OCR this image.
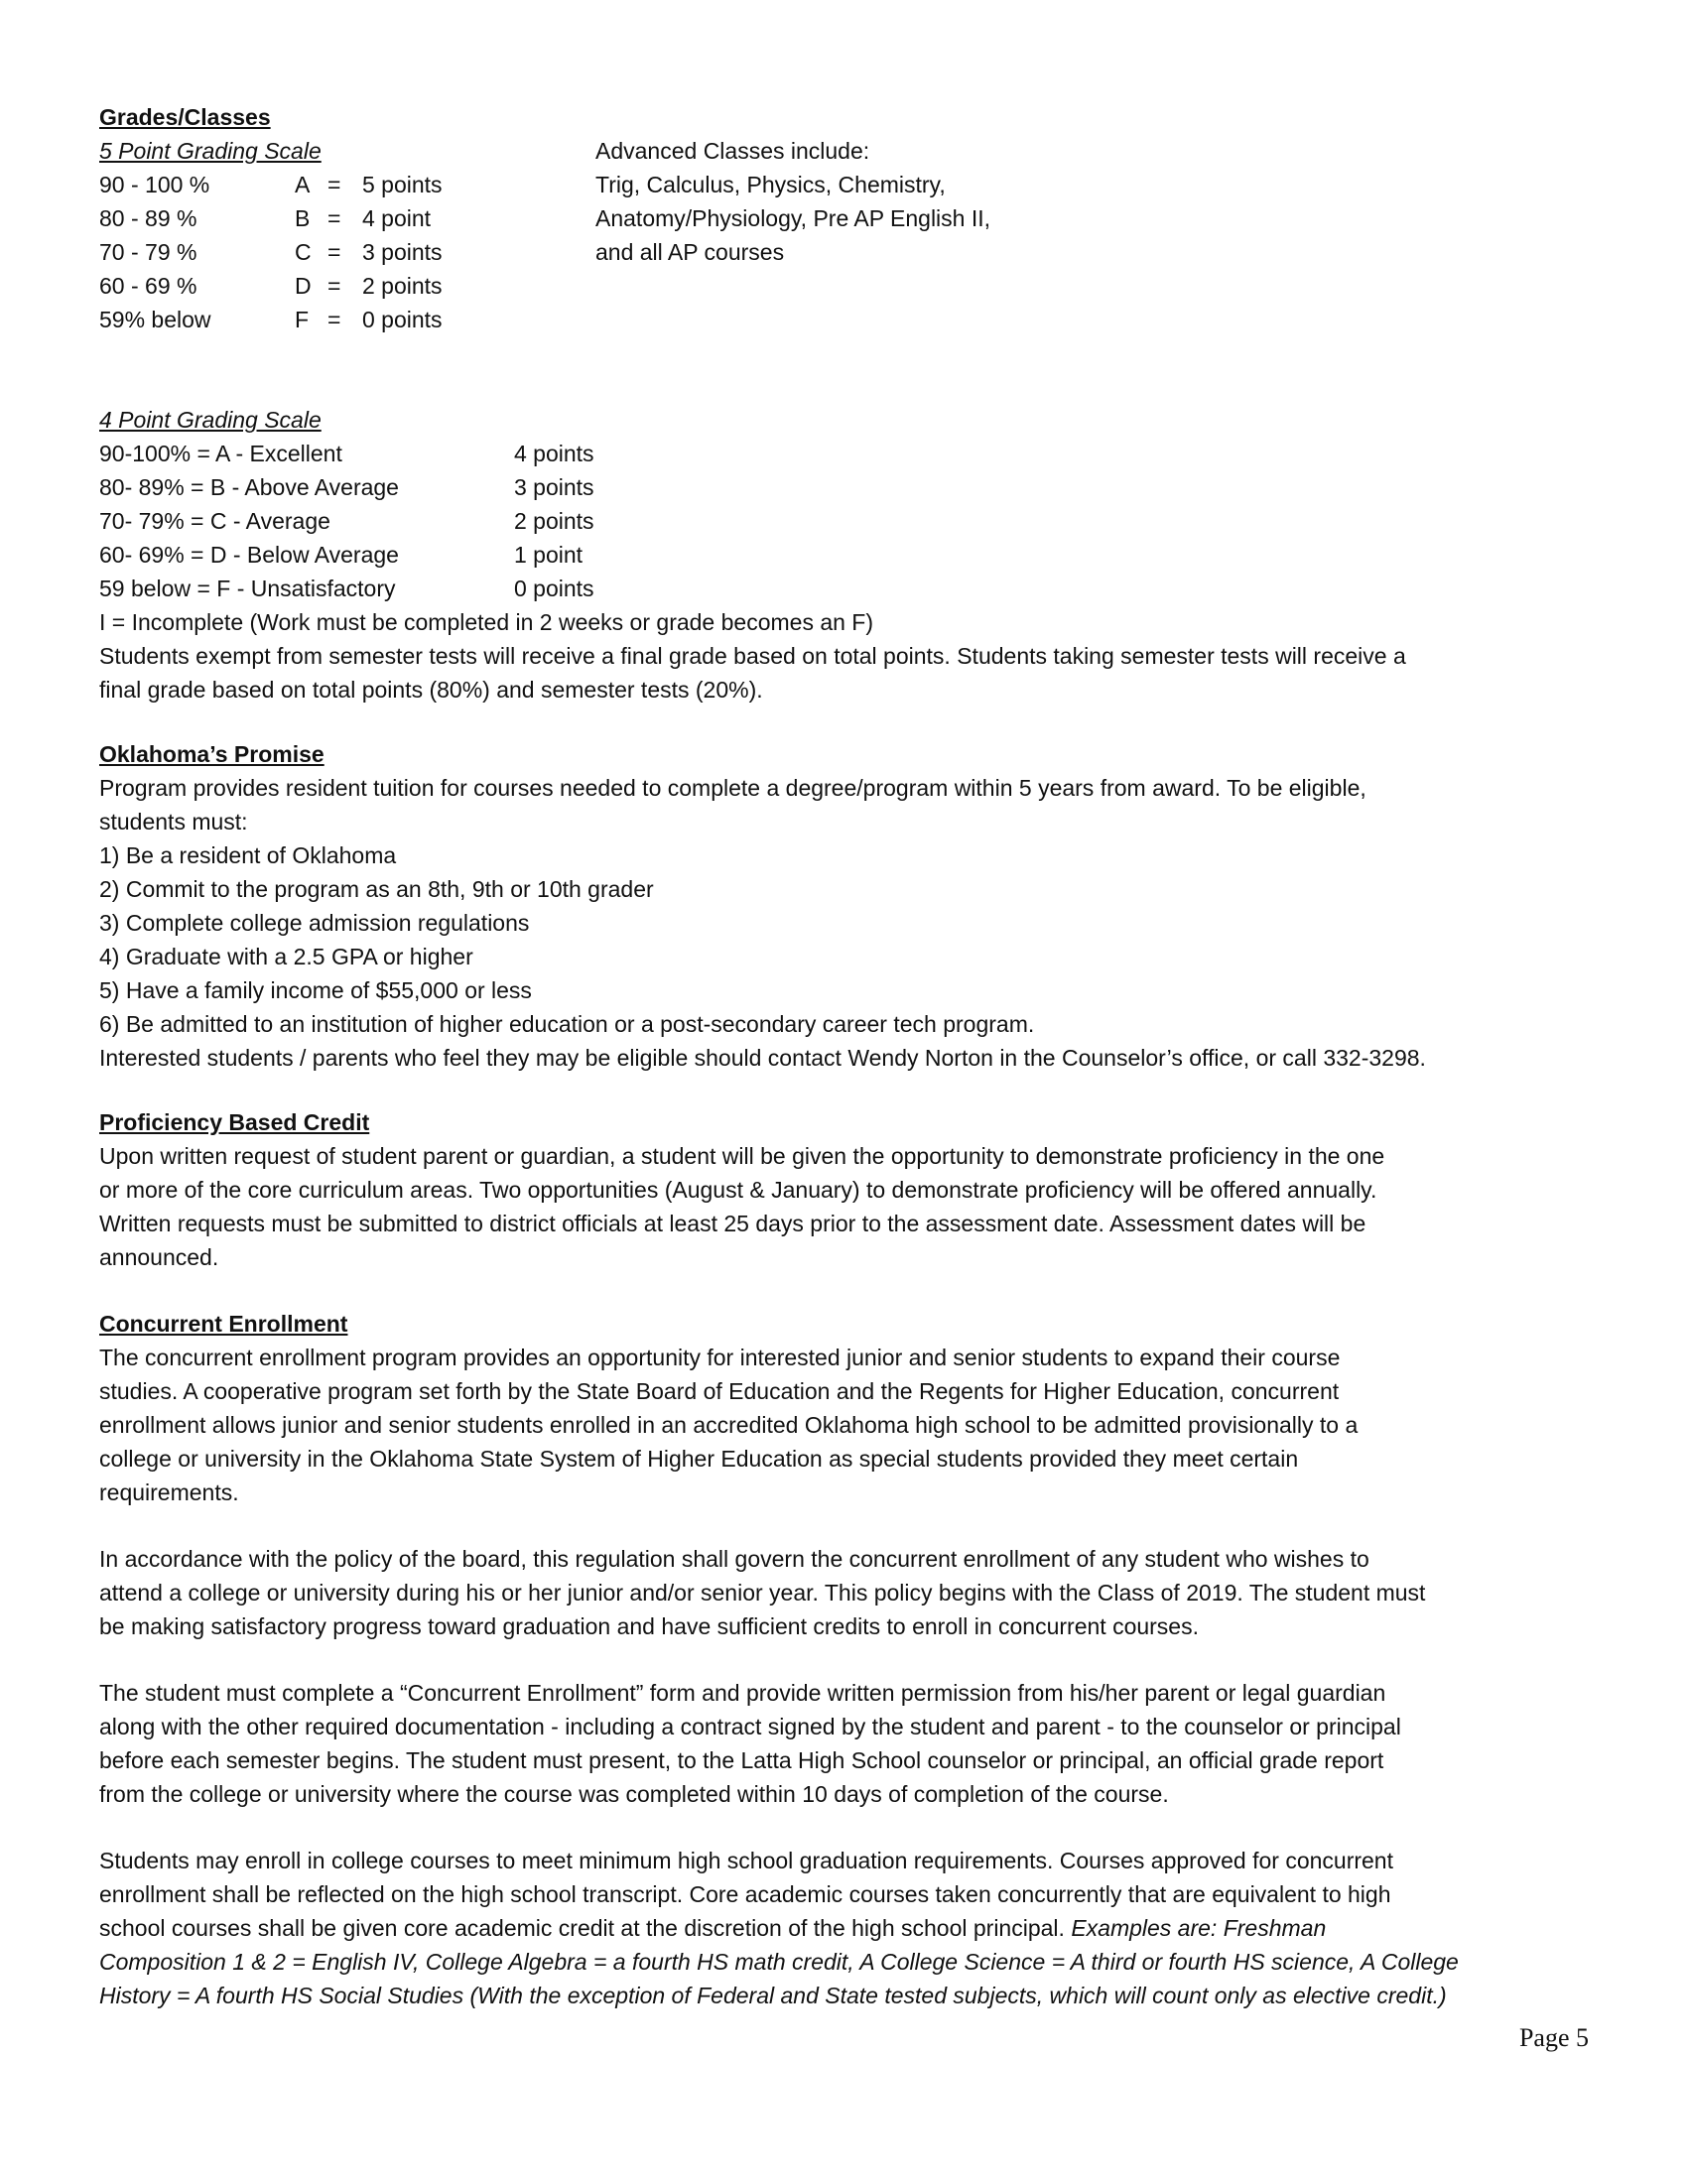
Grades/Classes
5 Point Grading Scale
90 - 100 %	A = 5 points
80 - 89 %	B = 4 point
70 - 79 %	C = 3 points
60 - 69 %	D = 2 points
59% below	F = 0 points
Advanced Classes include:
Trig, Calculus, Physics, Chemistry,
Anatomy/Physiology, Pre AP English II,
and all AP courses
4 Point Grading Scale
90-100% = A - Excellent	4 points
80- 89% = B - Above Average	3 points
70- 79% = C - Average	2 points
60- 69% = D - Below Average	1 point
59 below = F - Unsatisfactory	0 points
I = Incomplete (Work must be completed in 2 weeks or grade becomes an F)
Students exempt from semester tests will receive a final grade based on total points. Students taking semester tests will receive a
final grade based on total points (80%) and semester tests (20%).
Oklahoma’s Promise
Program provides resident tuition for courses needed to complete a degree/program within 5 years from award. To be eligible,
students must:
1) Be a resident of Oklahoma
2) Commit to the program as an 8th, 9th or 10th grader
3) Complete college admission regulations
4) Graduate with a 2.5 GPA or higher
5) Have a family income of $55,000 or less
6) Be admitted to an institution of higher education or a post-secondary career tech program.
Interested students / parents who feel they may be eligible should contact Wendy Norton in the Counselor’s office, or call 332-3298.
Proficiency Based Credit
Upon written request of student parent or guardian, a student will be given the opportunity to demonstrate proficiency in the one
or more of the core curriculum areas. Two opportunities (August & January) to demonstrate proficiency will be offered annually.
Written requests must be submitted to district officials at least 25 days prior to the assessment date. Assessment dates will be
announced.
Concurrent Enrollment
The concurrent enrollment program provides an opportunity for interested junior and senior students to expand their course
studies. A cooperative program set forth by the State Board of Education and the Regents for Higher Education, concurrent
enrollment allows junior and senior students enrolled in an accredited Oklahoma high school to be admitted provisionally to a
college or university in the Oklahoma State System of Higher Education as special students provided they meet certain
requirements.
In accordance with the policy of the board, this regulation shall govern the concurrent enrollment of any student who wishes to
attend a college or university during his or her junior and/or senior year. This policy begins with the Class of 2019. The student must
be making satisfactory progress toward graduation and have sufficient credits to enroll in concurrent courses.
The student must complete a “Concurrent Enrollment” form and provide written permission from his/her parent or legal guardian
along with the other required documentation - including a contract signed by the student and parent - to the counselor or principal
before each semester begins. The student must present, to the Latta High School counselor or principal, an official grade report
from the college or university where the course was completed within 10 days of completion of the course.
Students may enroll in college courses to meet minimum high school graduation requirements. Courses approved for concurrent
enrollment shall be reflected on the high school transcript. Core academic courses taken concurrently that are equivalent to high
school courses shall be given core academic credit at the discretion of the high school principal. Examples are: Freshman
Composition 1 & 2 = English IV, College Algebra = a fourth HS math credit, A College Science = A third or fourth HS science, A College
History = A fourth HS Social Studies (With the exception of Federal and State tested subjects, which will count only as elective credit.)
Page 5
